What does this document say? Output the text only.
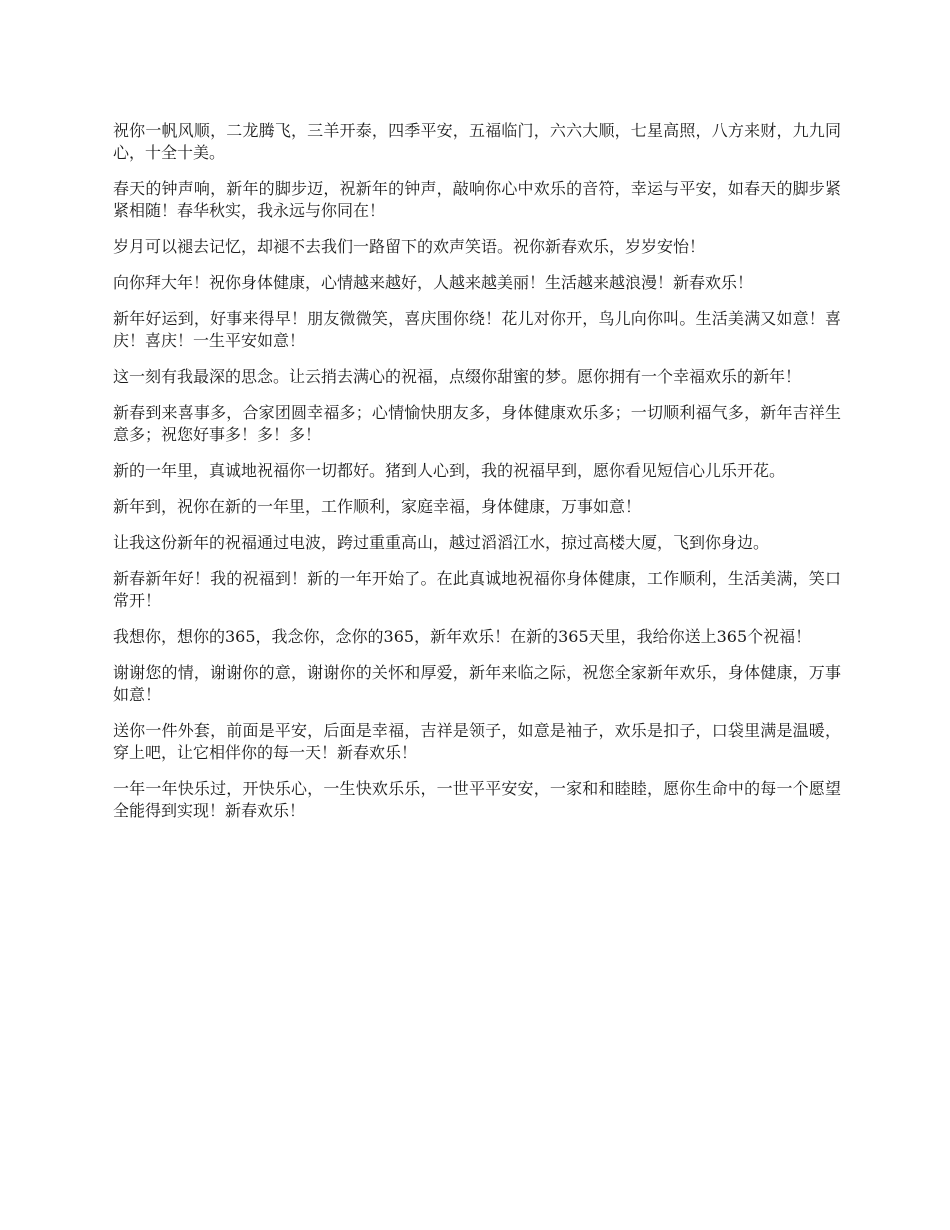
祝你一帆风顺，二龙腾飞，三羊开泰，四季平安，五福临门，六六大顺，七星高照，八方来财，九九同心，十全十美。

春天的钟声响，新年的脚步迈，祝新年的钟声，敲响你心中欢乐的音符，幸运与平安，如春天的脚步紧紧相随！春华秋实，我永远与你同在！

岁月可以褪去记忆，却褪不去我们一路留下的欢声笑语。祝你新春欢乐，岁岁安怡！

向你拜大年！祝你身体健康，心情越来越好，人越来越美丽！生活越来越浪漫！新春欢乐！

新年好运到，好事来得早！朋友微微笑，喜庆围你绕！花儿对你开，鸟儿向你叫。生活美满又如意！喜庆！喜庆！一生平安如意！

这一刻有我最深的思念。让云捎去满心的祝福，点缀你甜蜜的梦。愿你拥有一个幸福欢乐的新年！

新春到来喜事多，合家团圆幸福多；心情愉快朋友多，身体健康欢乐多；一切顺利福气多，新年吉祥生意多；祝您好事多！多！多！

新的一年里，真诚地祝福你一切都好。猪到人心到，我的祝福早到，愿你看见短信心儿乐开花。

新年到，祝你在新的一年里，工作顺利，家庭幸福，身体健康，万事如意！

让我这份新年的祝福通过电波，跨过重重高山，越过滔滔江水，掠过高楼大厦，飞到你身边。

新春新年好！我的祝福到！新的一年开始了。在此真诚地祝福你身体健康，工作顺利，生活美满，笑口常开！

我想你，想你的365，我念你，念你的365，新年欢乐！在新的365天里，我给你送上365个祝福！

谢谢您的情，谢谢你的意，谢谢你的关怀和厚爱，新年来临之际，祝您全家新年欢乐，身体健康，万事如意！

送你一件外套，前面是平安，后面是幸福，吉祥是领子，如意是袖子，欢乐是扣子，口袋里满是温暖，穿上吧，让它相伴你的每一天！新春欢乐！

一年一年快乐过，开快乐心，一生快欢乐乐，一世平平安安，一家和和睦睦，愿你生命中的每一个愿望全能得到实现！新春欢乐！
